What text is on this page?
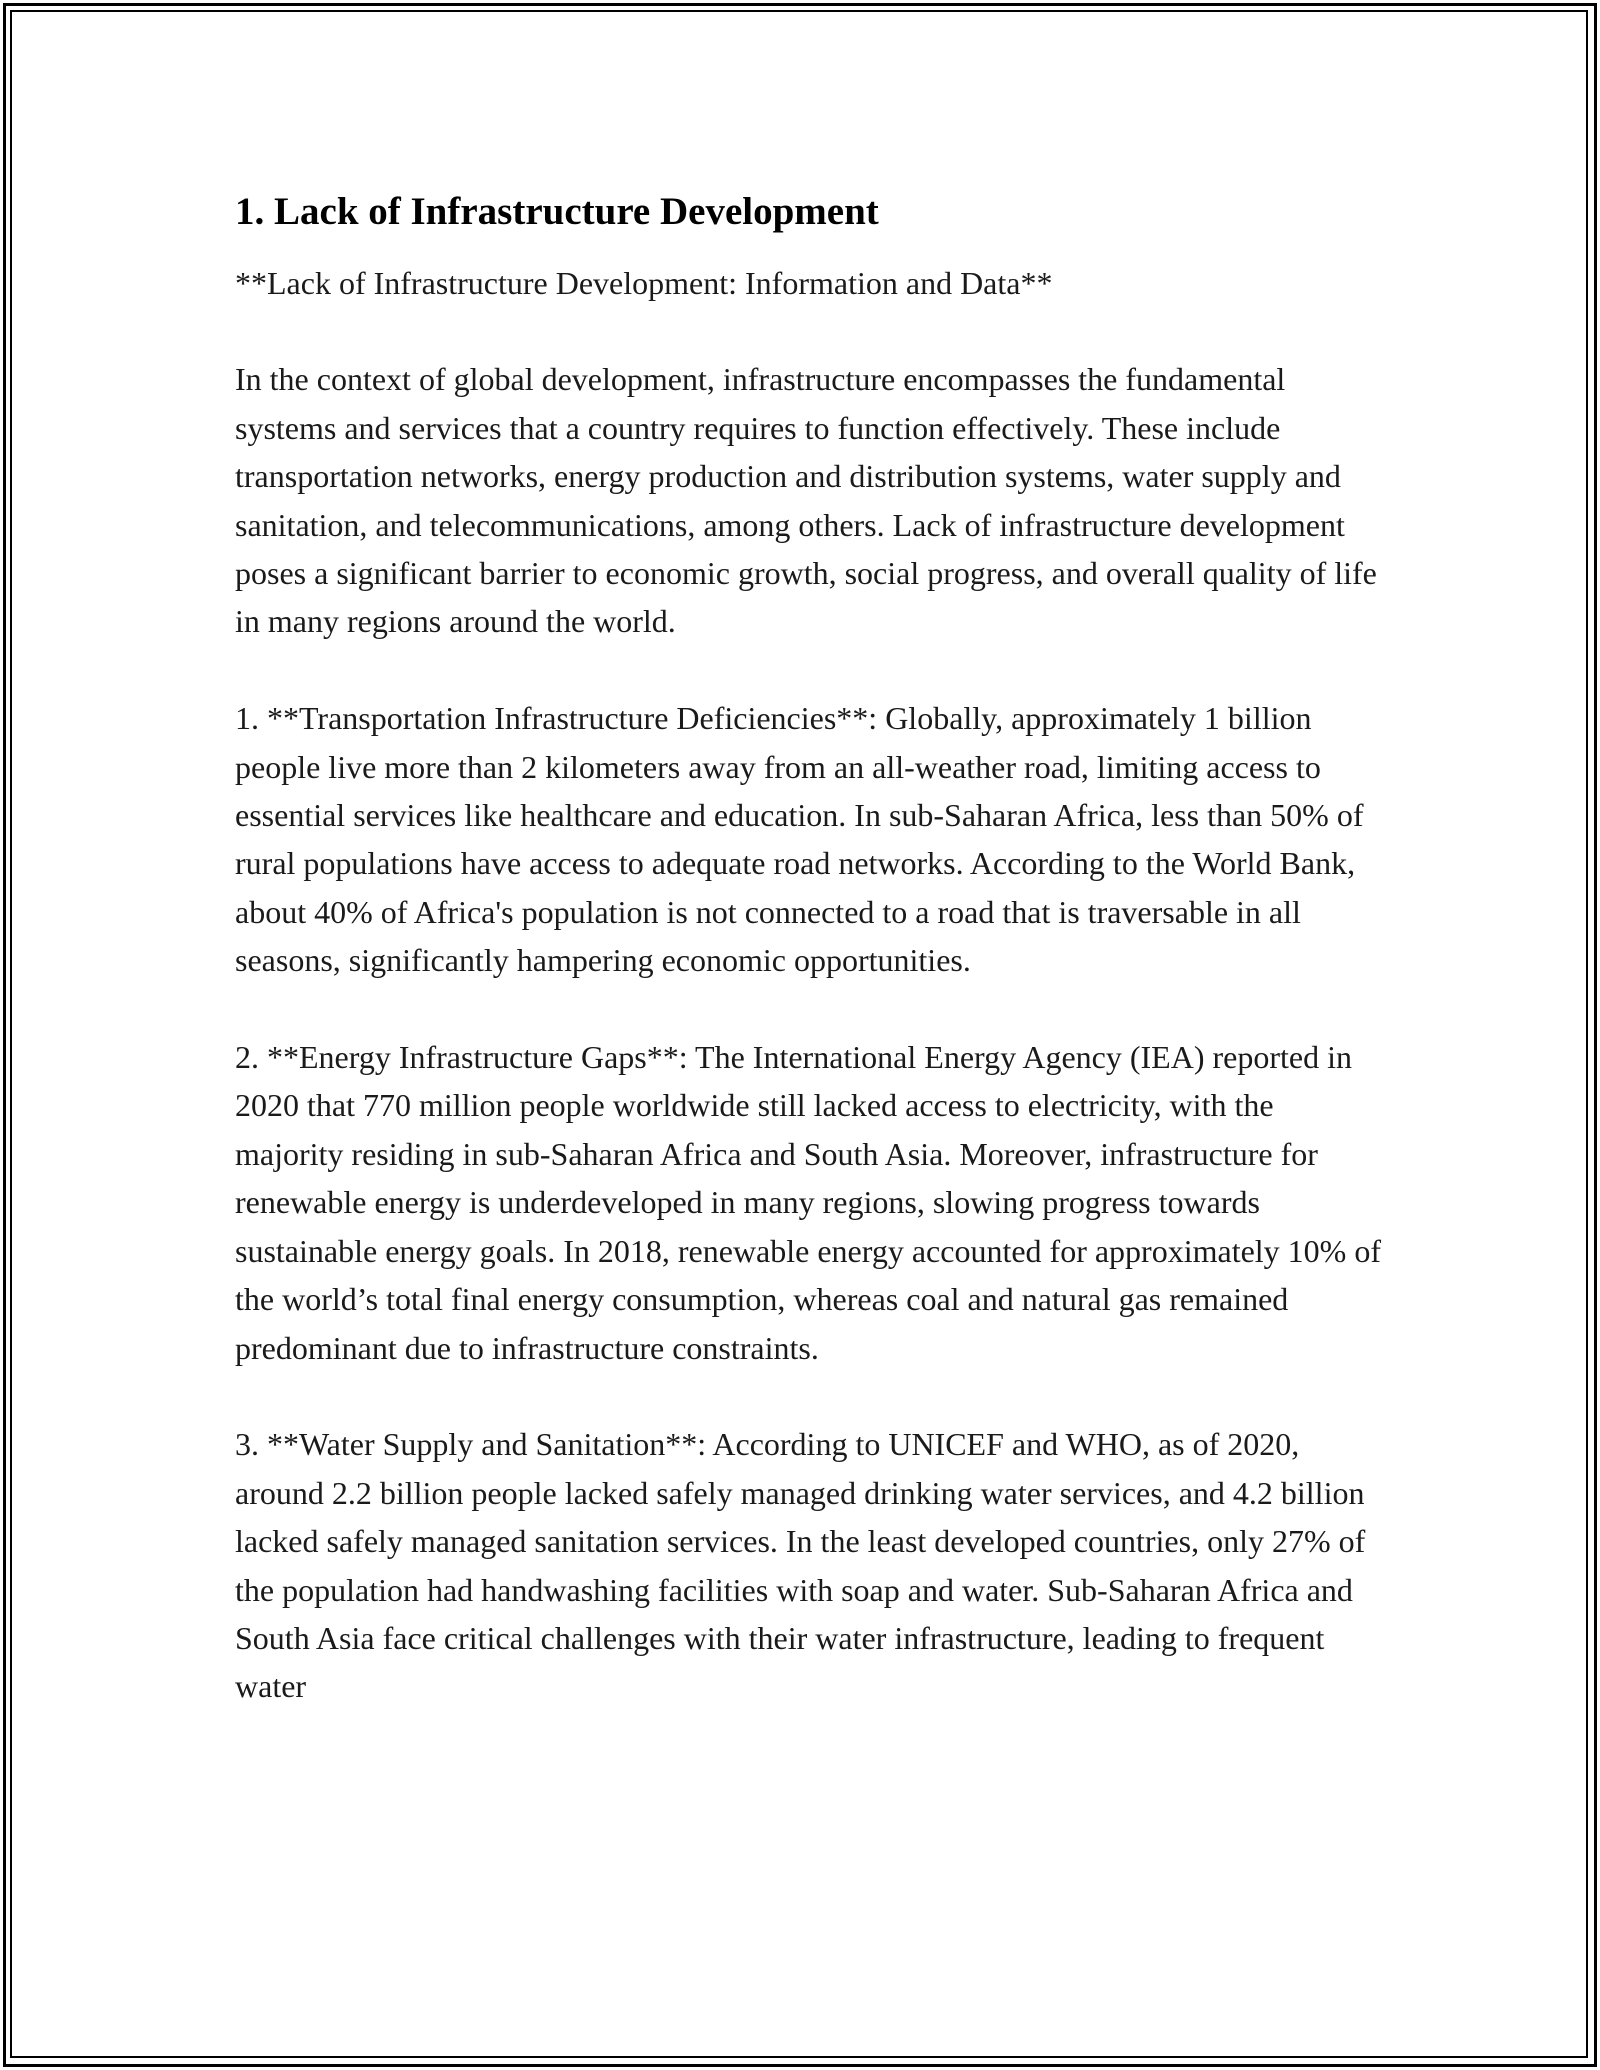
1. Lack of Infrastructure Development

**Lack of Infrastructure Development: Information and Data**

In the context of global development, infrastructure encompasses the fundamental systems and services that a country requires to function effectively. These include transportation networks, energy production and distribution systems, water supply and sanitation, and telecommunications, among others. Lack of infrastructure development poses a significant barrier to economic growth, social progress, and overall quality of life in many regions around the world.

1. **Transportation Infrastructure Deficiencies**: Globally, approximately 1 billion people live more than 2 kilometers away from an all-weather road, limiting access to essential services like healthcare and education. In sub-Saharan Africa, less than 50% of rural populations have access to adequate road networks. According to the World Bank, about 40% of Africa's population is not connected to a road that is traversable in all seasons, significantly hampering economic opportunities.

2. **Energy Infrastructure Gaps**: The International Energy Agency (IEA) reported in 2020 that 770 million people worldwide still lacked access to electricity, with the majority residing in sub-Saharan Africa and South Asia. Moreover, infrastructure for renewable energy is underdeveloped in many regions, slowing progress towards sustainable energy goals. In 2018, renewable energy accounted for approximately 10% of the world’s total final energy consumption, whereas coal and natural gas remained predominant due to infrastructure constraints.

3. **Water Supply and Sanitation**: According to UNICEF and WHO, as of 2020, around 2.2 billion people lacked safely managed drinking water services, and 4.2 billion lacked safely managed sanitation services. In the least developed countries, only 27% of the population had handwashing facilities with soap and water. Sub-Saharan Africa and South Asia face critical challenges with their water infrastructure, leading to frequent water
